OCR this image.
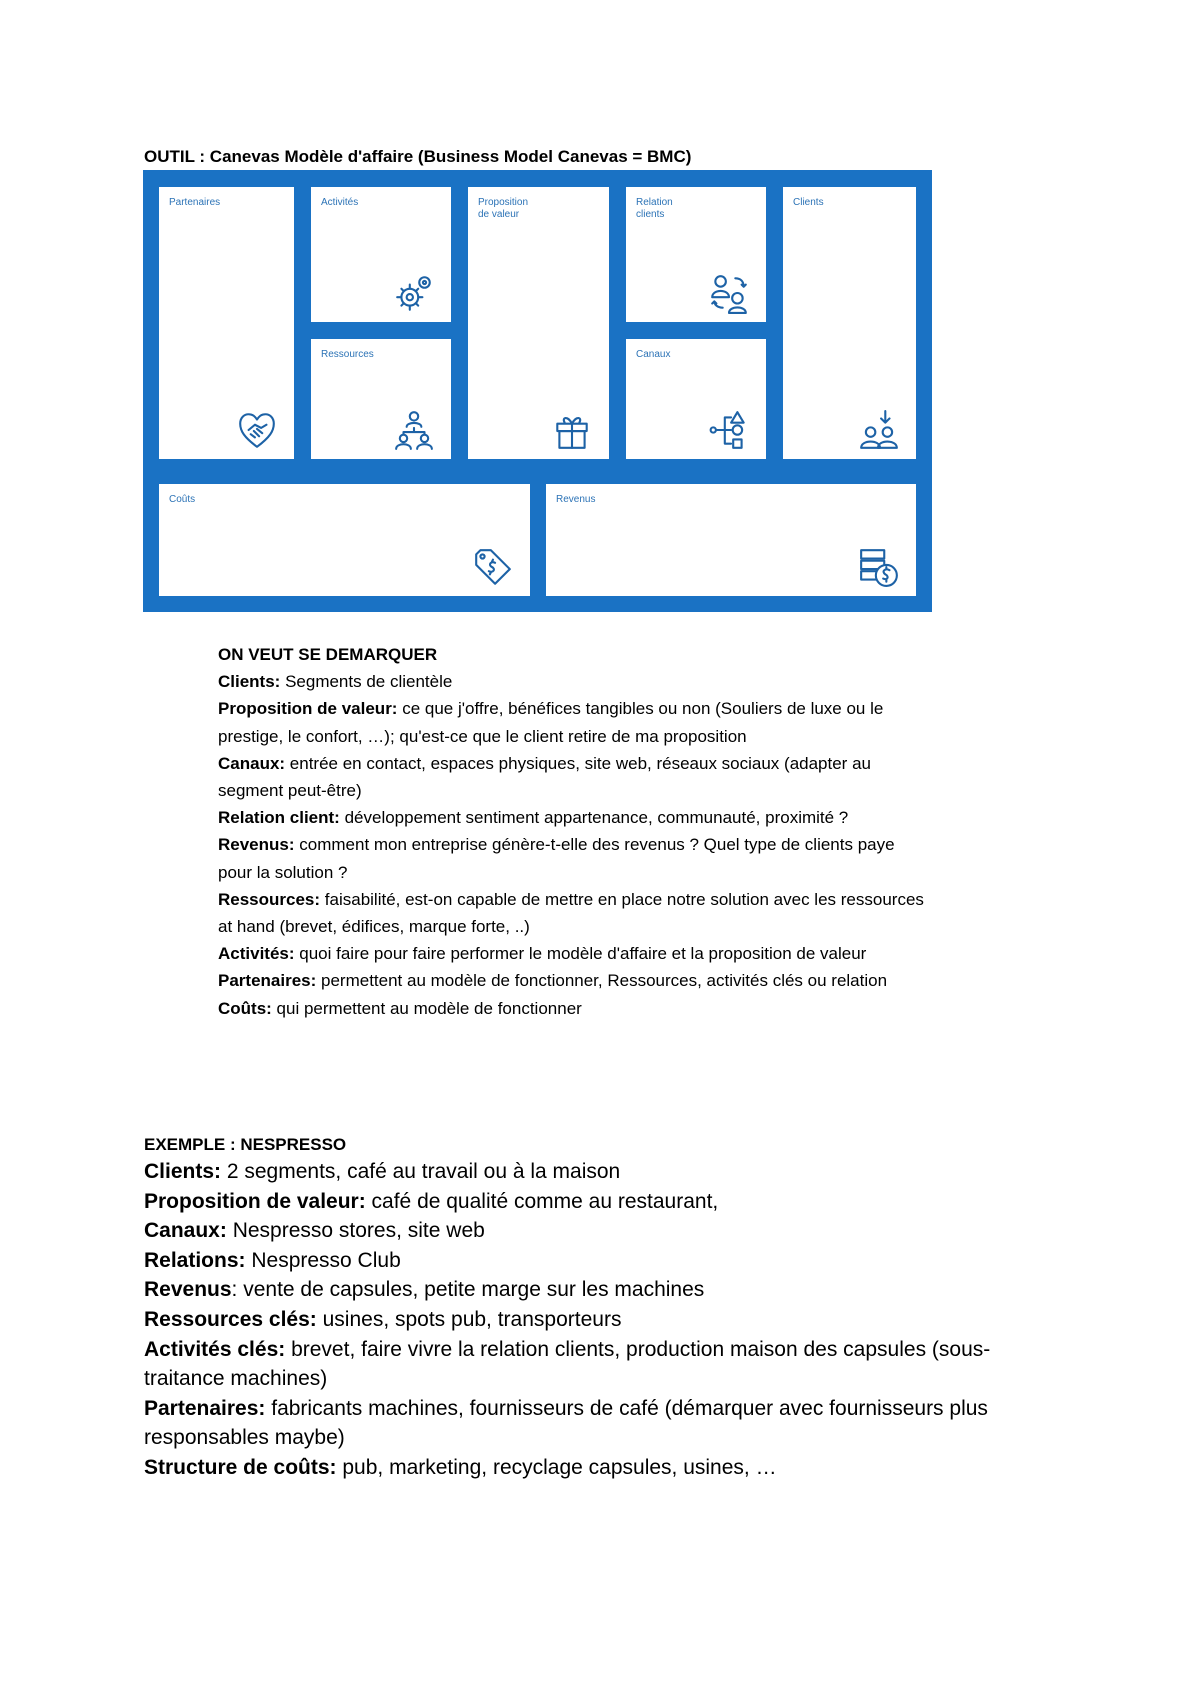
OUTIL : Canevas Modèle d'affaire (Business Model Canevas = BMC)
Partenaires	Activités
Ressources
Proposition
de valeur
Relation
clients
Canaux
Clients
Coûts	Revenus

ON VEUT SE DEMARQUER

Clients: Segments de clientèle

Proposition de valeur: ce que j'offre, bénéfices tangibles ou non (Souliers de luxe ou le

prestige, le confort, …); qu'est-ce que le client retire de ma proposition

Canaux: entrée en contact, espaces physiques, site web, réseaux sociaux (adapter au

segment peut-être)

Relation client: développement sentiment appartenance, communauté, proximité ?

Revenus: comment mon entreprise génère-t-elle des revenus ? Quel type de clients paye

pour la solution ?

Ressources: faisabilité, est-on capable de mettre en place notre solution avec les ressources

at hand (brevet, édifices, marque forte, ..)

Activités: quoi faire pour faire performer le modèle d'affaire et la proposition de valeur

Partenaires: permettent au modèle de fonctionner, Ressources, activités clés ou relation

Coûts: qui permettent au modèle de fonctionner

EXEMPLE : NESPRESSO

Clients: 2 segments, café au travail ou à la maison

Proposition de valeur: café de qualité comme au restaurant,

Canaux: Nespresso stores, site web

Relations: Nespresso Club

Revenus: vente de capsules, petite marge sur les machines

Ressources clés: usines, spots pub, transporteurs

Activités clés: brevet, faire vivre la relation clients, production maison des capsules (sous-

traitance machines)

Partenaires: fabricants machines, fournisseurs de café (démarquer avec fournisseurs plus

responsables maybe)

Structure de coûts: pub, marketing, recyclage capsules, usines, …
